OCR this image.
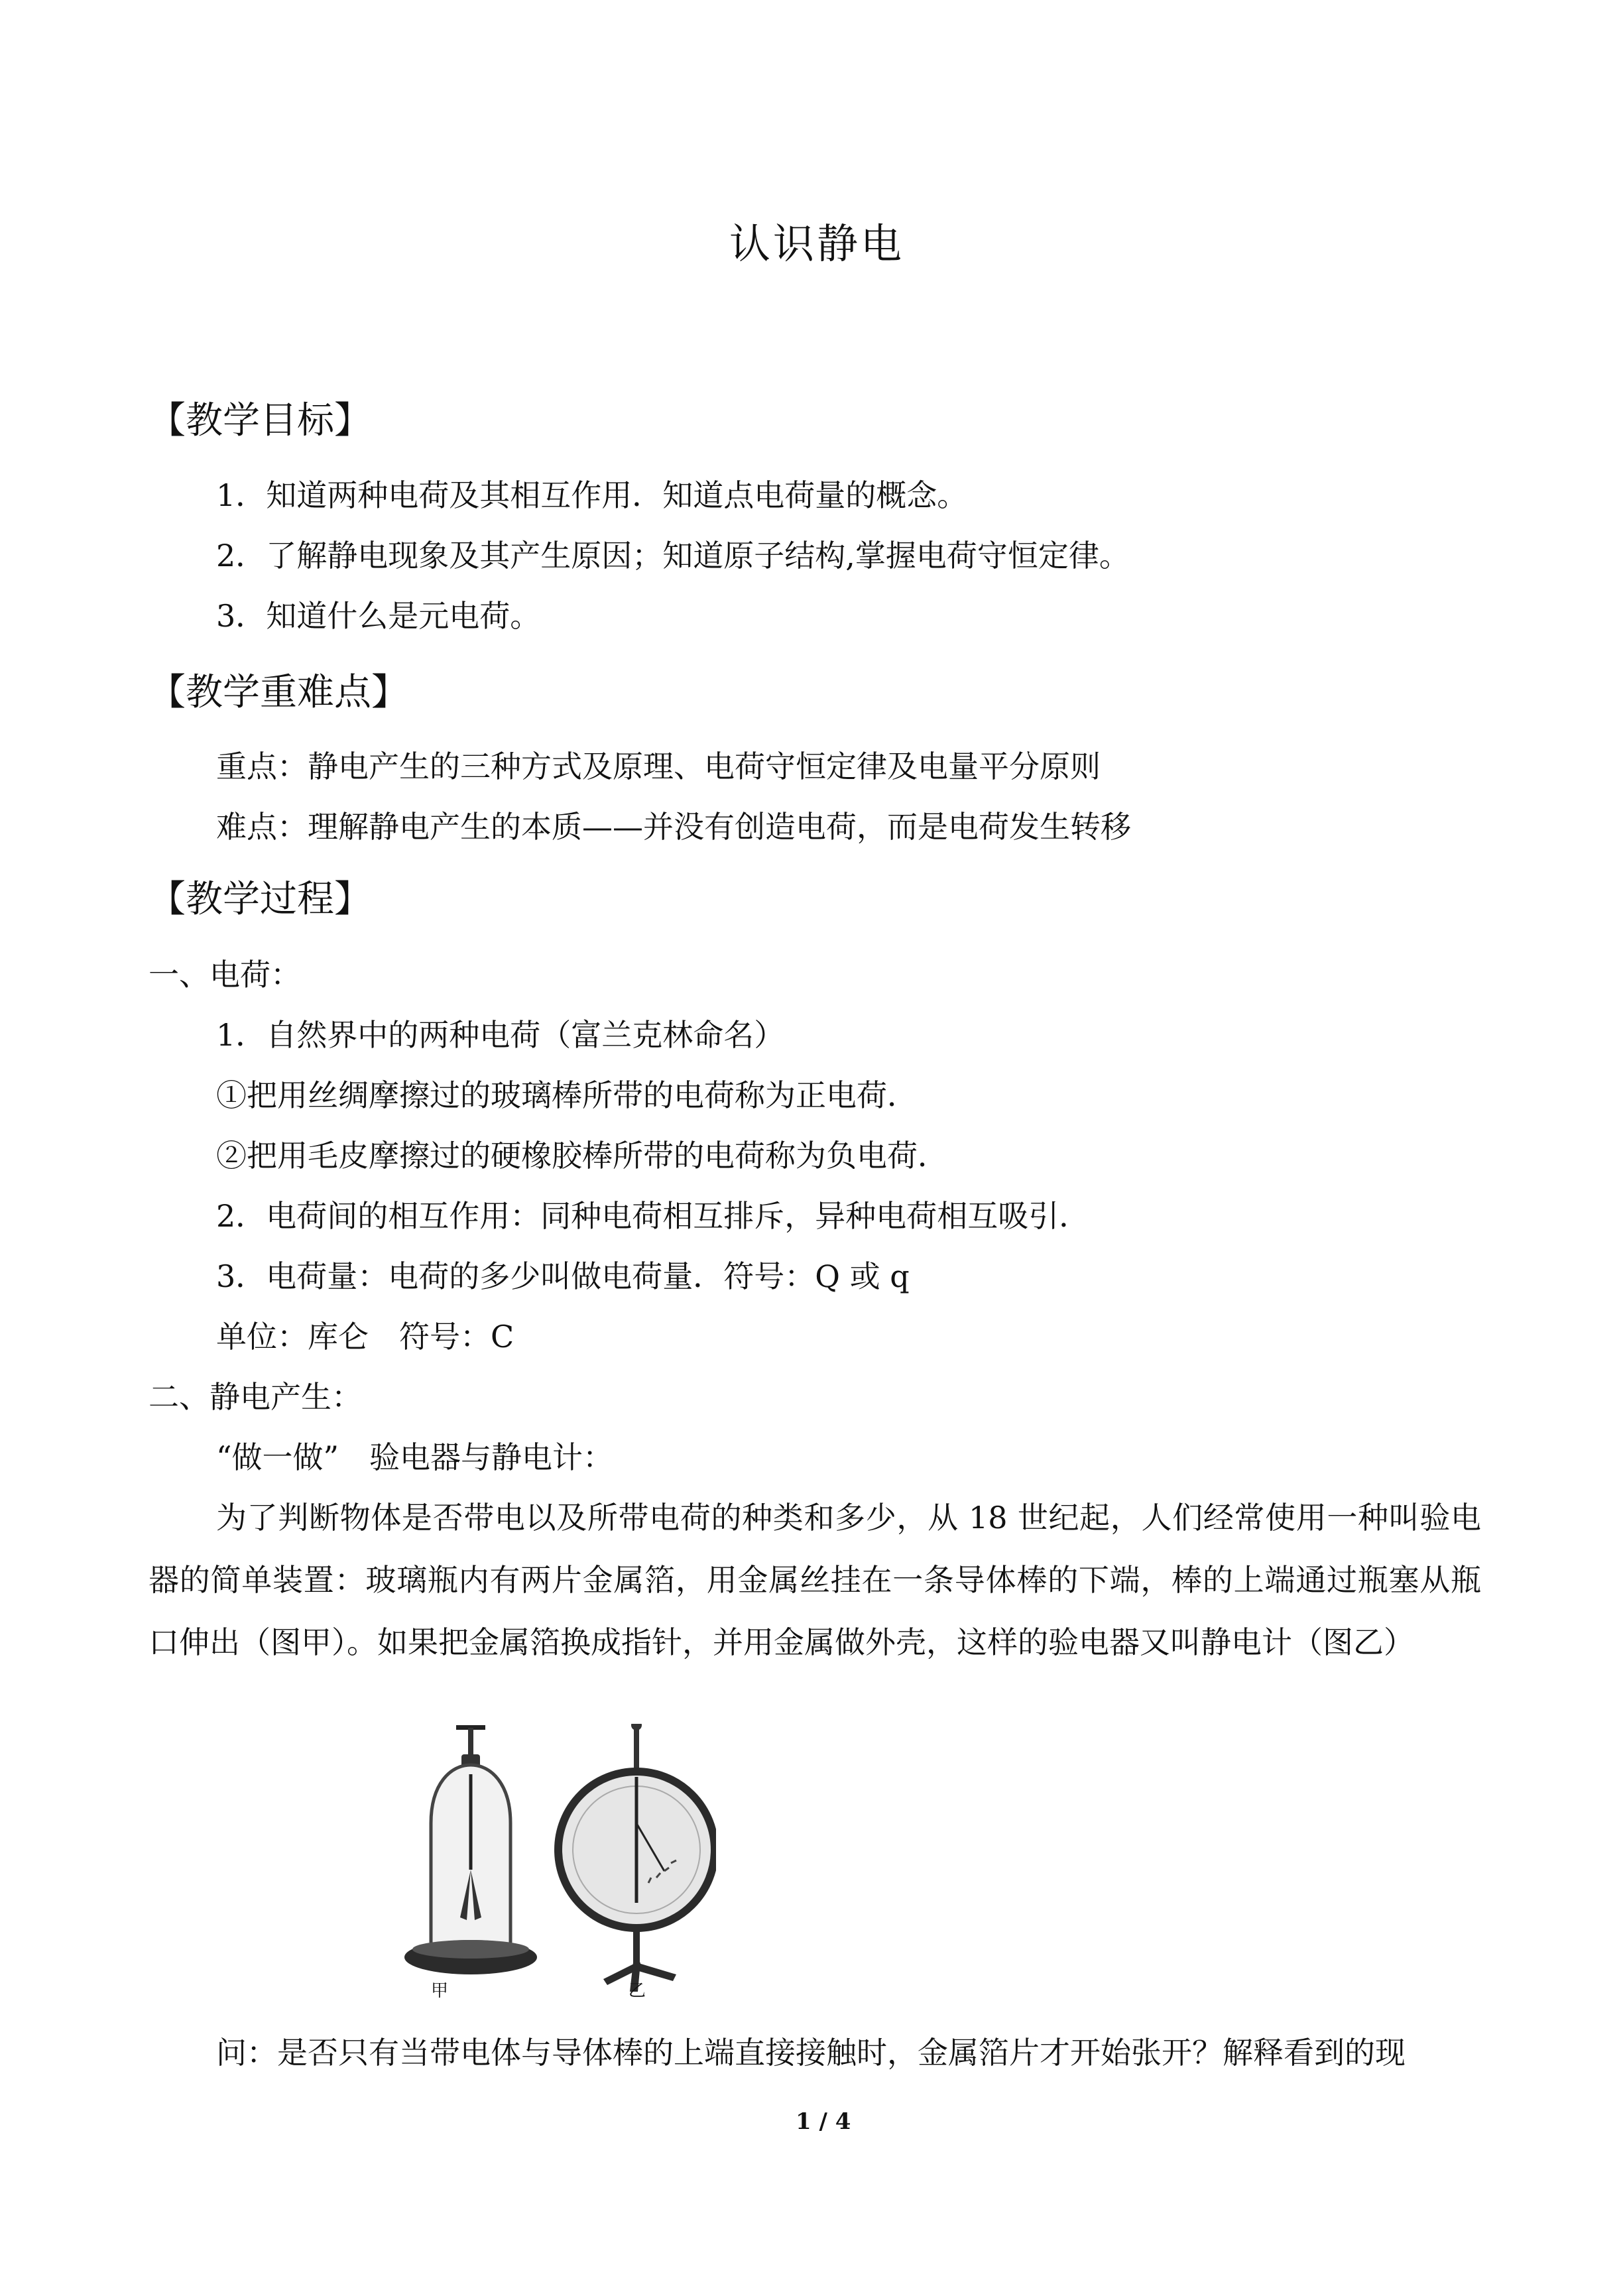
认识静电
【教学目标】
1．知道两种电荷及其相互作用．知道点电荷量的概念。
2．了解静电现象及其产生原因；知道原子结构,掌握电荷守恒定律。
3．知道什么是元电荷。
【教学重难点】
重点：静电产生的三种方式及原理、电荷守恒定律及电量平分原则
难点：理解静电产生的本质——并没有创造电荷，而是电荷发生转移
【教学过程】
一、电荷：
1．自然界中的两种电荷（富兰克林命名）
①把用丝绸摩擦过的玻璃棒所带的电荷称为正电荷．
②把用毛皮摩擦过的硬橡胶棒所带的电荷称为负电荷．
2．电荷间的相互作用：同种电荷相互排斥，异种电荷相互吸引．
3．电荷量：电荷的多少叫做电荷量．符号：Q 或 q
单位：库仑　符号：C
二、静电产生：
“做一做”　验电器与静电计：
为了判断物体是否带电以及所带电荷的种类和多少，从 18 世纪起，人们经常使用一种叫验电器的简单装置：玻璃瓶内有两片金属箔，用金属丝挂在一条导体棒的下端，棒的上端通过瓶塞从瓶口伸出（图甲）。如果把金属箔换成指针，并用金属做外壳，这样的验电器又叫静电计（图乙）
甲	乙
问：是否只有当带电体与导体棒的上端直接接触时，金属箔片才开始张开？解释看到的现
1 / 4
